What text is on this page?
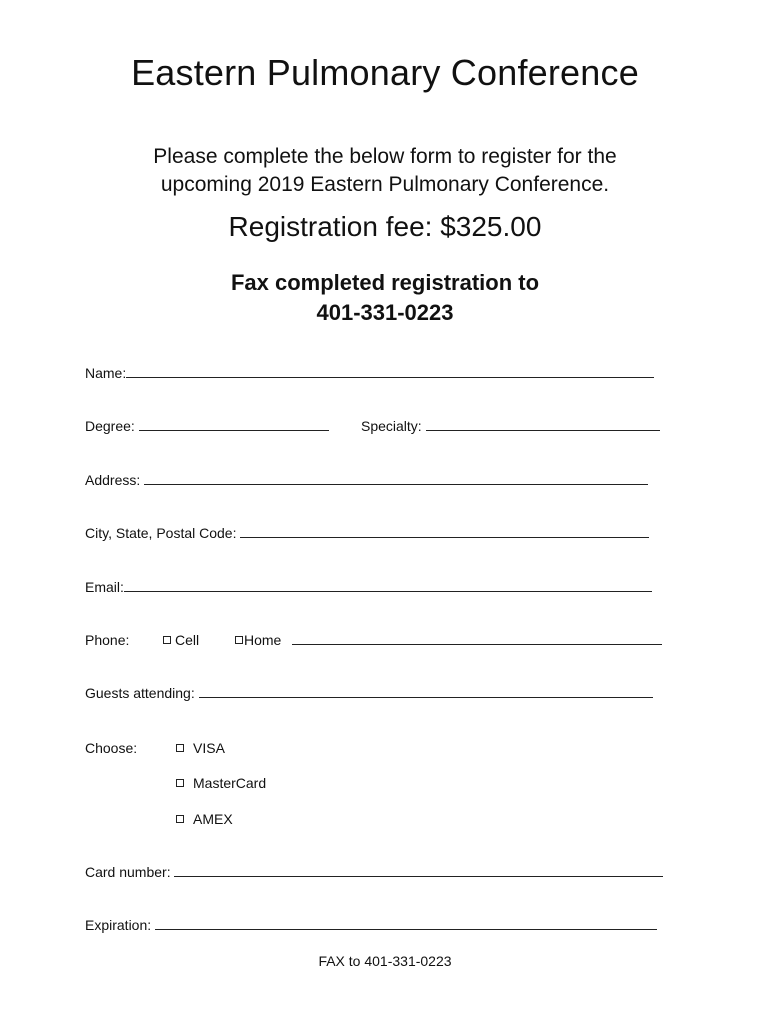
Eastern Pulmonary Conference
Please complete the below form to register for the
upcoming 2019 Eastern Pulmonary Conference.
Registration fee: $325.00
Fax completed registration to
401-331-0223
Name:
Degree:	Specialty:
Address:
City, State, Postal Code:
Email:
Phone:	Cell	Home
Guests attending:
Choose:	VISA
MasterCard
AMEX
Card number:
Expiration:
FAX to 401-331-0223
